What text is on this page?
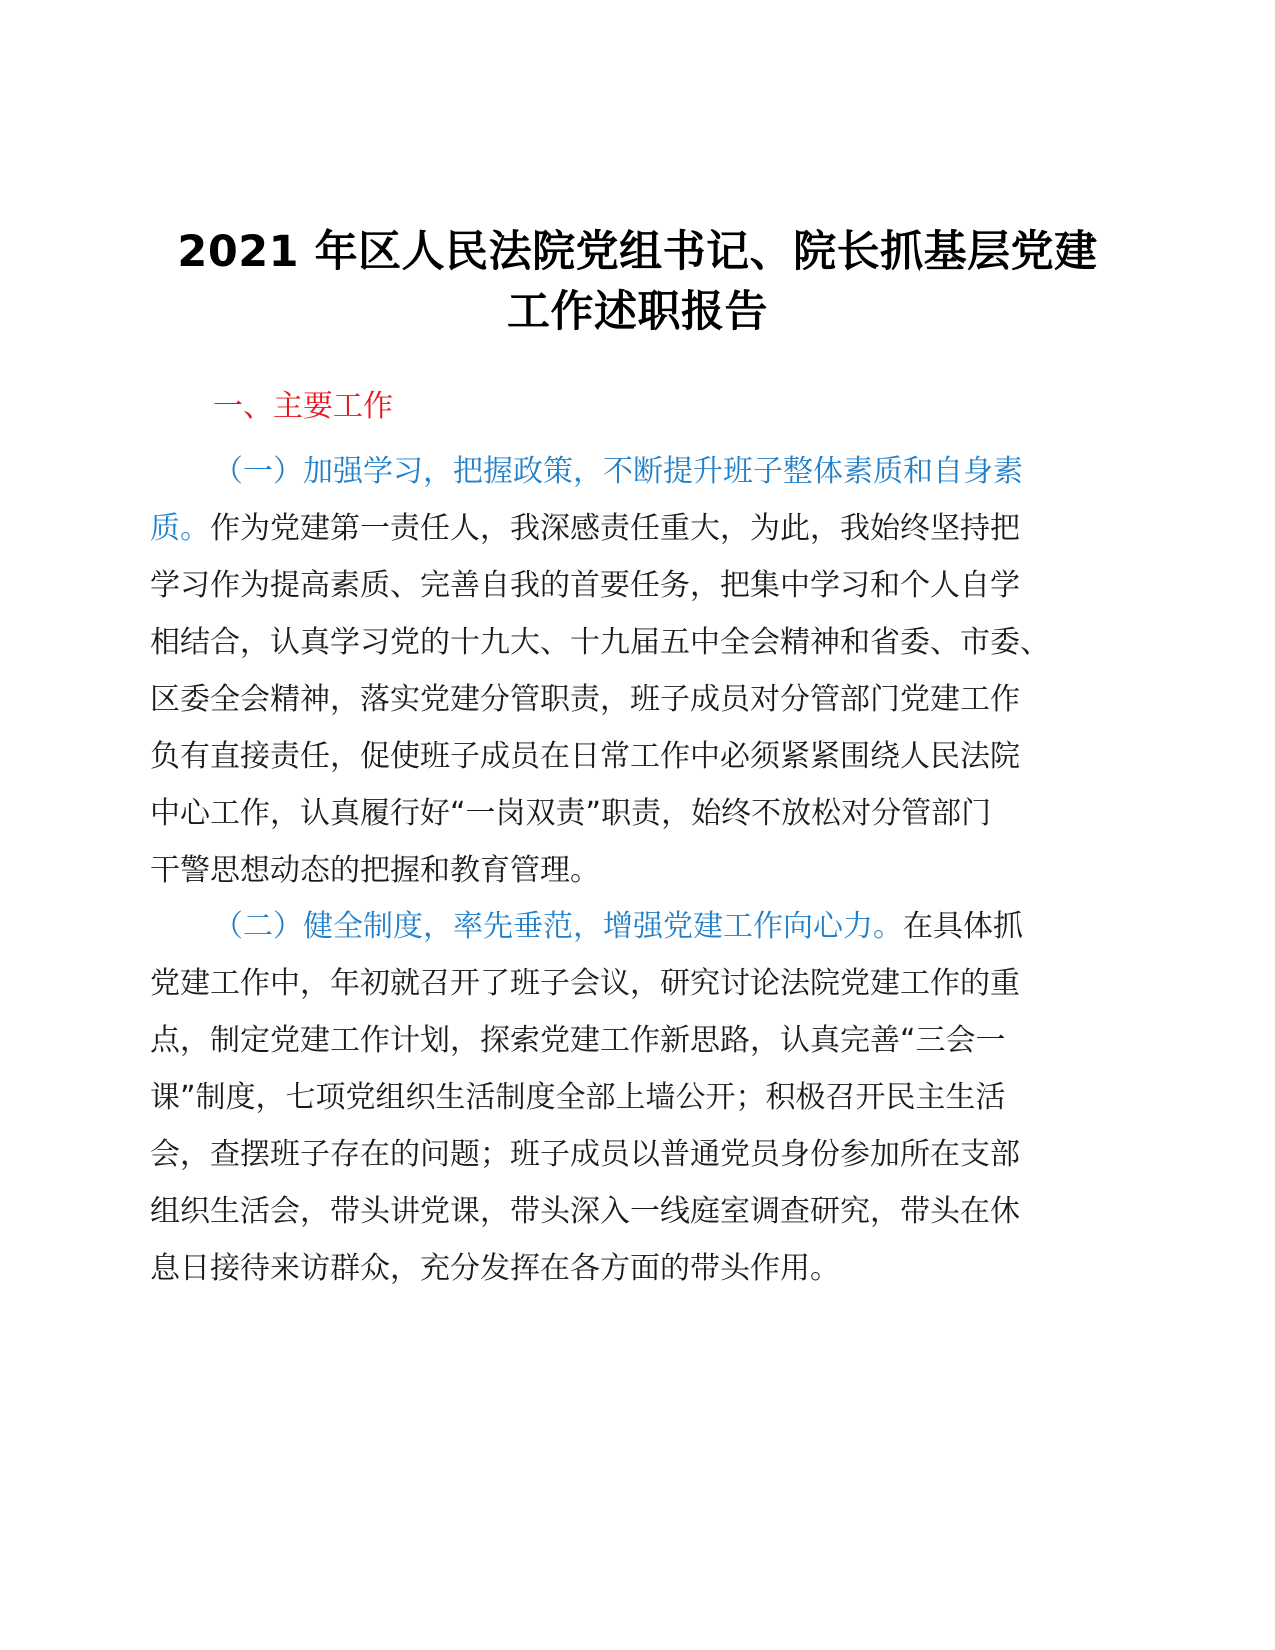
2021 年区人民法院党组书记、院长抓基层党建
工作述职报告
一、主要工作
（一）加强学习，把握政策，不断提升班子整体素质和自身素
质。作为党建第一责任人，我深感责任重大，为此，我始终坚持把
学习作为提高素质、完善自我的首要任务，把集中学习和个人自学
相结合，认真学习党的十九大、十九届五中全会精神和省委、市委、
区委全会精神，落实党建分管职责，班子成员对分管部门党建工作
负有直接责任，促使班子成员在日常工作中必须紧紧围绕人民法院
中心工作，认真履行好“一岗双责”职责，始终不放松对分管部门
干警思想动态的把握和教育管理。
（二）健全制度，率先垂范，增强党建工作向心力。在具体抓
党建工作中，年初就召开了班子会议，研究讨论法院党建工作的重
点，制定党建工作计划，探索党建工作新思路，认真完善“三会一
课”制度，七项党组织生活制度全部上墙公开；积极召开民主生活
会，查摆班子存在的问题；班子成员以普通党员身份参加所在支部
组织生活会，带头讲党课，带头深入一线庭室调查研究，带头在休
息日接待来访群众，充分发挥在各方面的带头作用。
